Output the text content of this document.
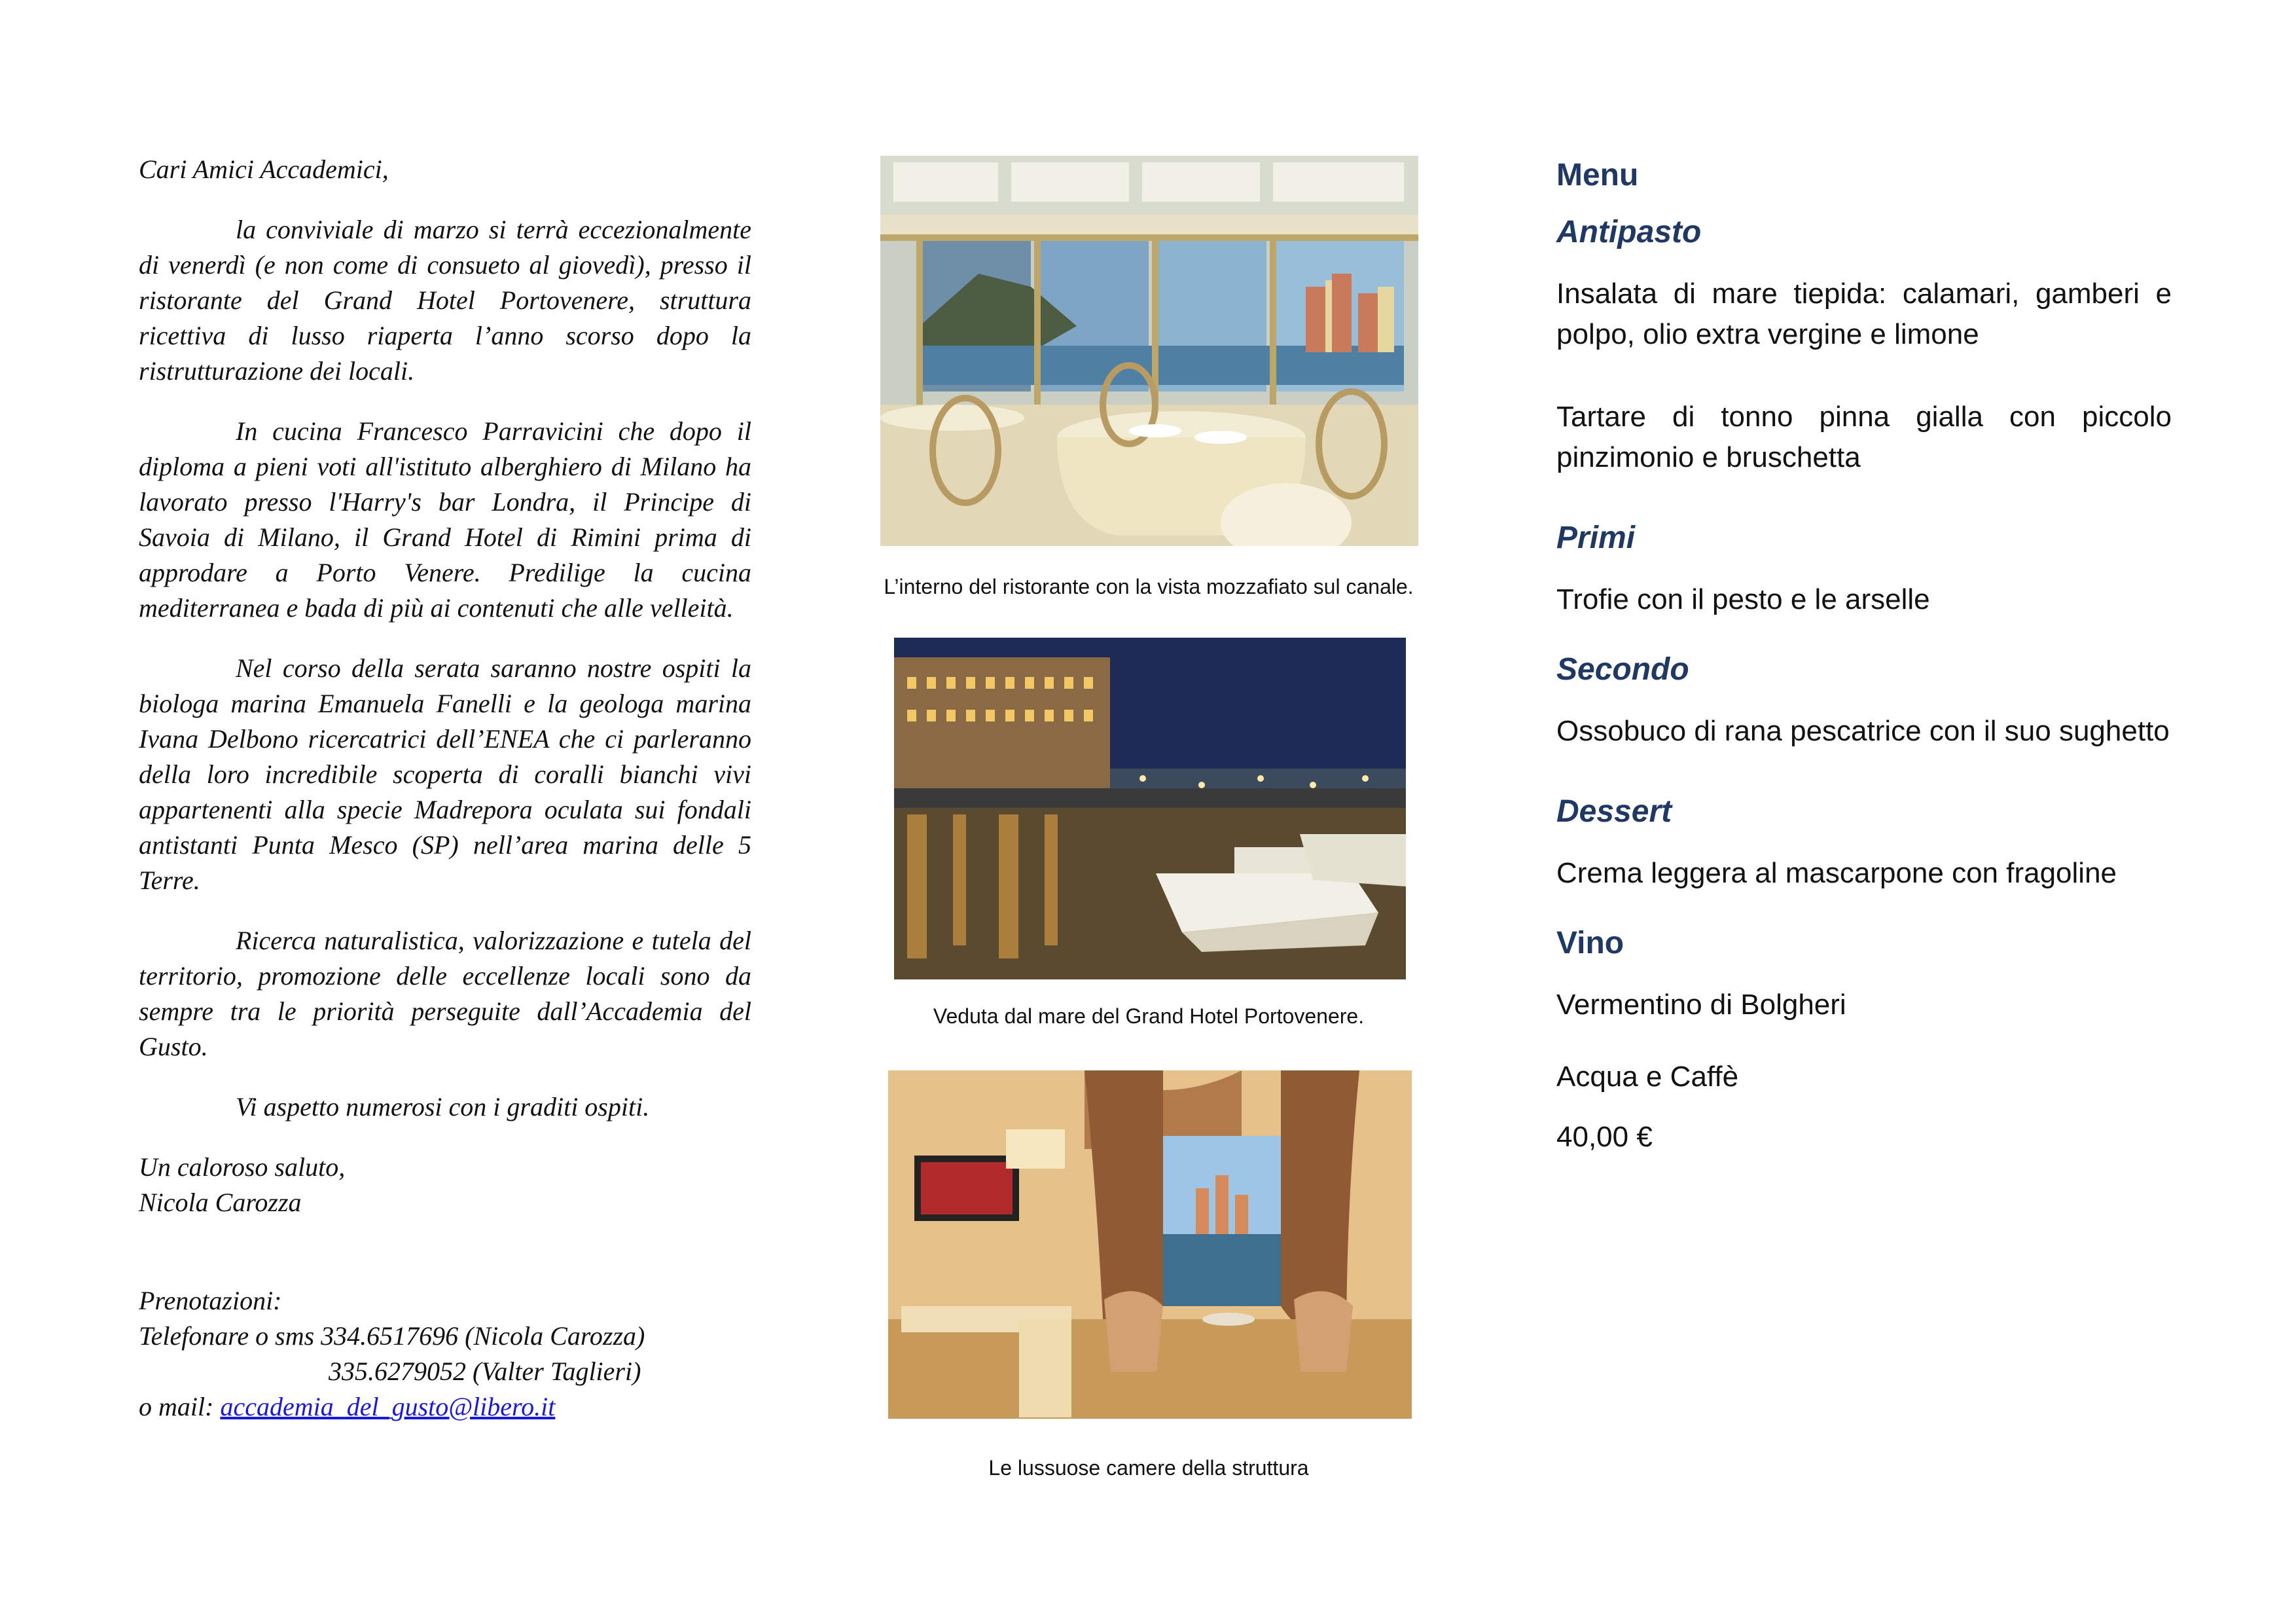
Cari Amici Accademici,

la conviviale di marzo si terrà eccezionalmente di venerdì (e non come di consueto al giovedì), presso il ristorante del Grand Hotel Portovenere, struttura ricettiva di lusso riaperta l’anno scorso dopo la ristrutturazione dei locali.

In cucina Francesco Parravicini che dopo il diploma a pieni voti all'istituto alberghiero di Milano ha lavorato presso l'Harry's bar Londra, il Principe di Savoia di Milano, il Grand Hotel di Rimini prima di approdare a Porto Venere. Predilige la cucina mediterranea e bada di più ai contenuti che alle velleità.

Nel corso della serata saranno nostre ospiti la biologa marina Emanuela Fanelli e la geologa marina Ivana Delbono ricercatrici dell’ENEA che ci parleranno della loro incredibile scoperta di coralli bianchi vivi appartenenti alla specie Madrepora oculata sui fondali antistanti Punta Mesco (SP) nell’area marina delle 5 Terre.

Ricerca naturalistica, valorizzazione e tutela del territorio, promozione delle eccellenze locali sono da sempre tra le priorità perseguite dall’Accademia del Gusto.

Vi aspetto numerosi con i graditi ospiti.

Un caloroso saluto,
Nicola Carozza

Prenotazioni:
Telefonare o sms 334.6517696 (Nicola Carozza)
335.6279052 (Valter Taglieri)
o mail: accademia_del_gusto@libero.it
L’interno del ristorante con la vista mozzafiato sul canale.
Veduta dal mare del Grand Hotel Portovenere.
Le lussuose camere della struttura
Menu
Antipasto

Insalata di mare tiepida: calamari, gamberi e polpo, olio extra vergine e limone

Tartare di tonno pinna gialla con piccolo pinzimonio e bruschetta

Primi

Trofie con il pesto e le arselle

Secondo

Ossobuco di rana pescatrice con il suo sughetto

Dessert

Crema leggera al mascarpone con fragoline

Vino

Vermentino di Bolgheri

Acqua e Caffè

40,00 €
